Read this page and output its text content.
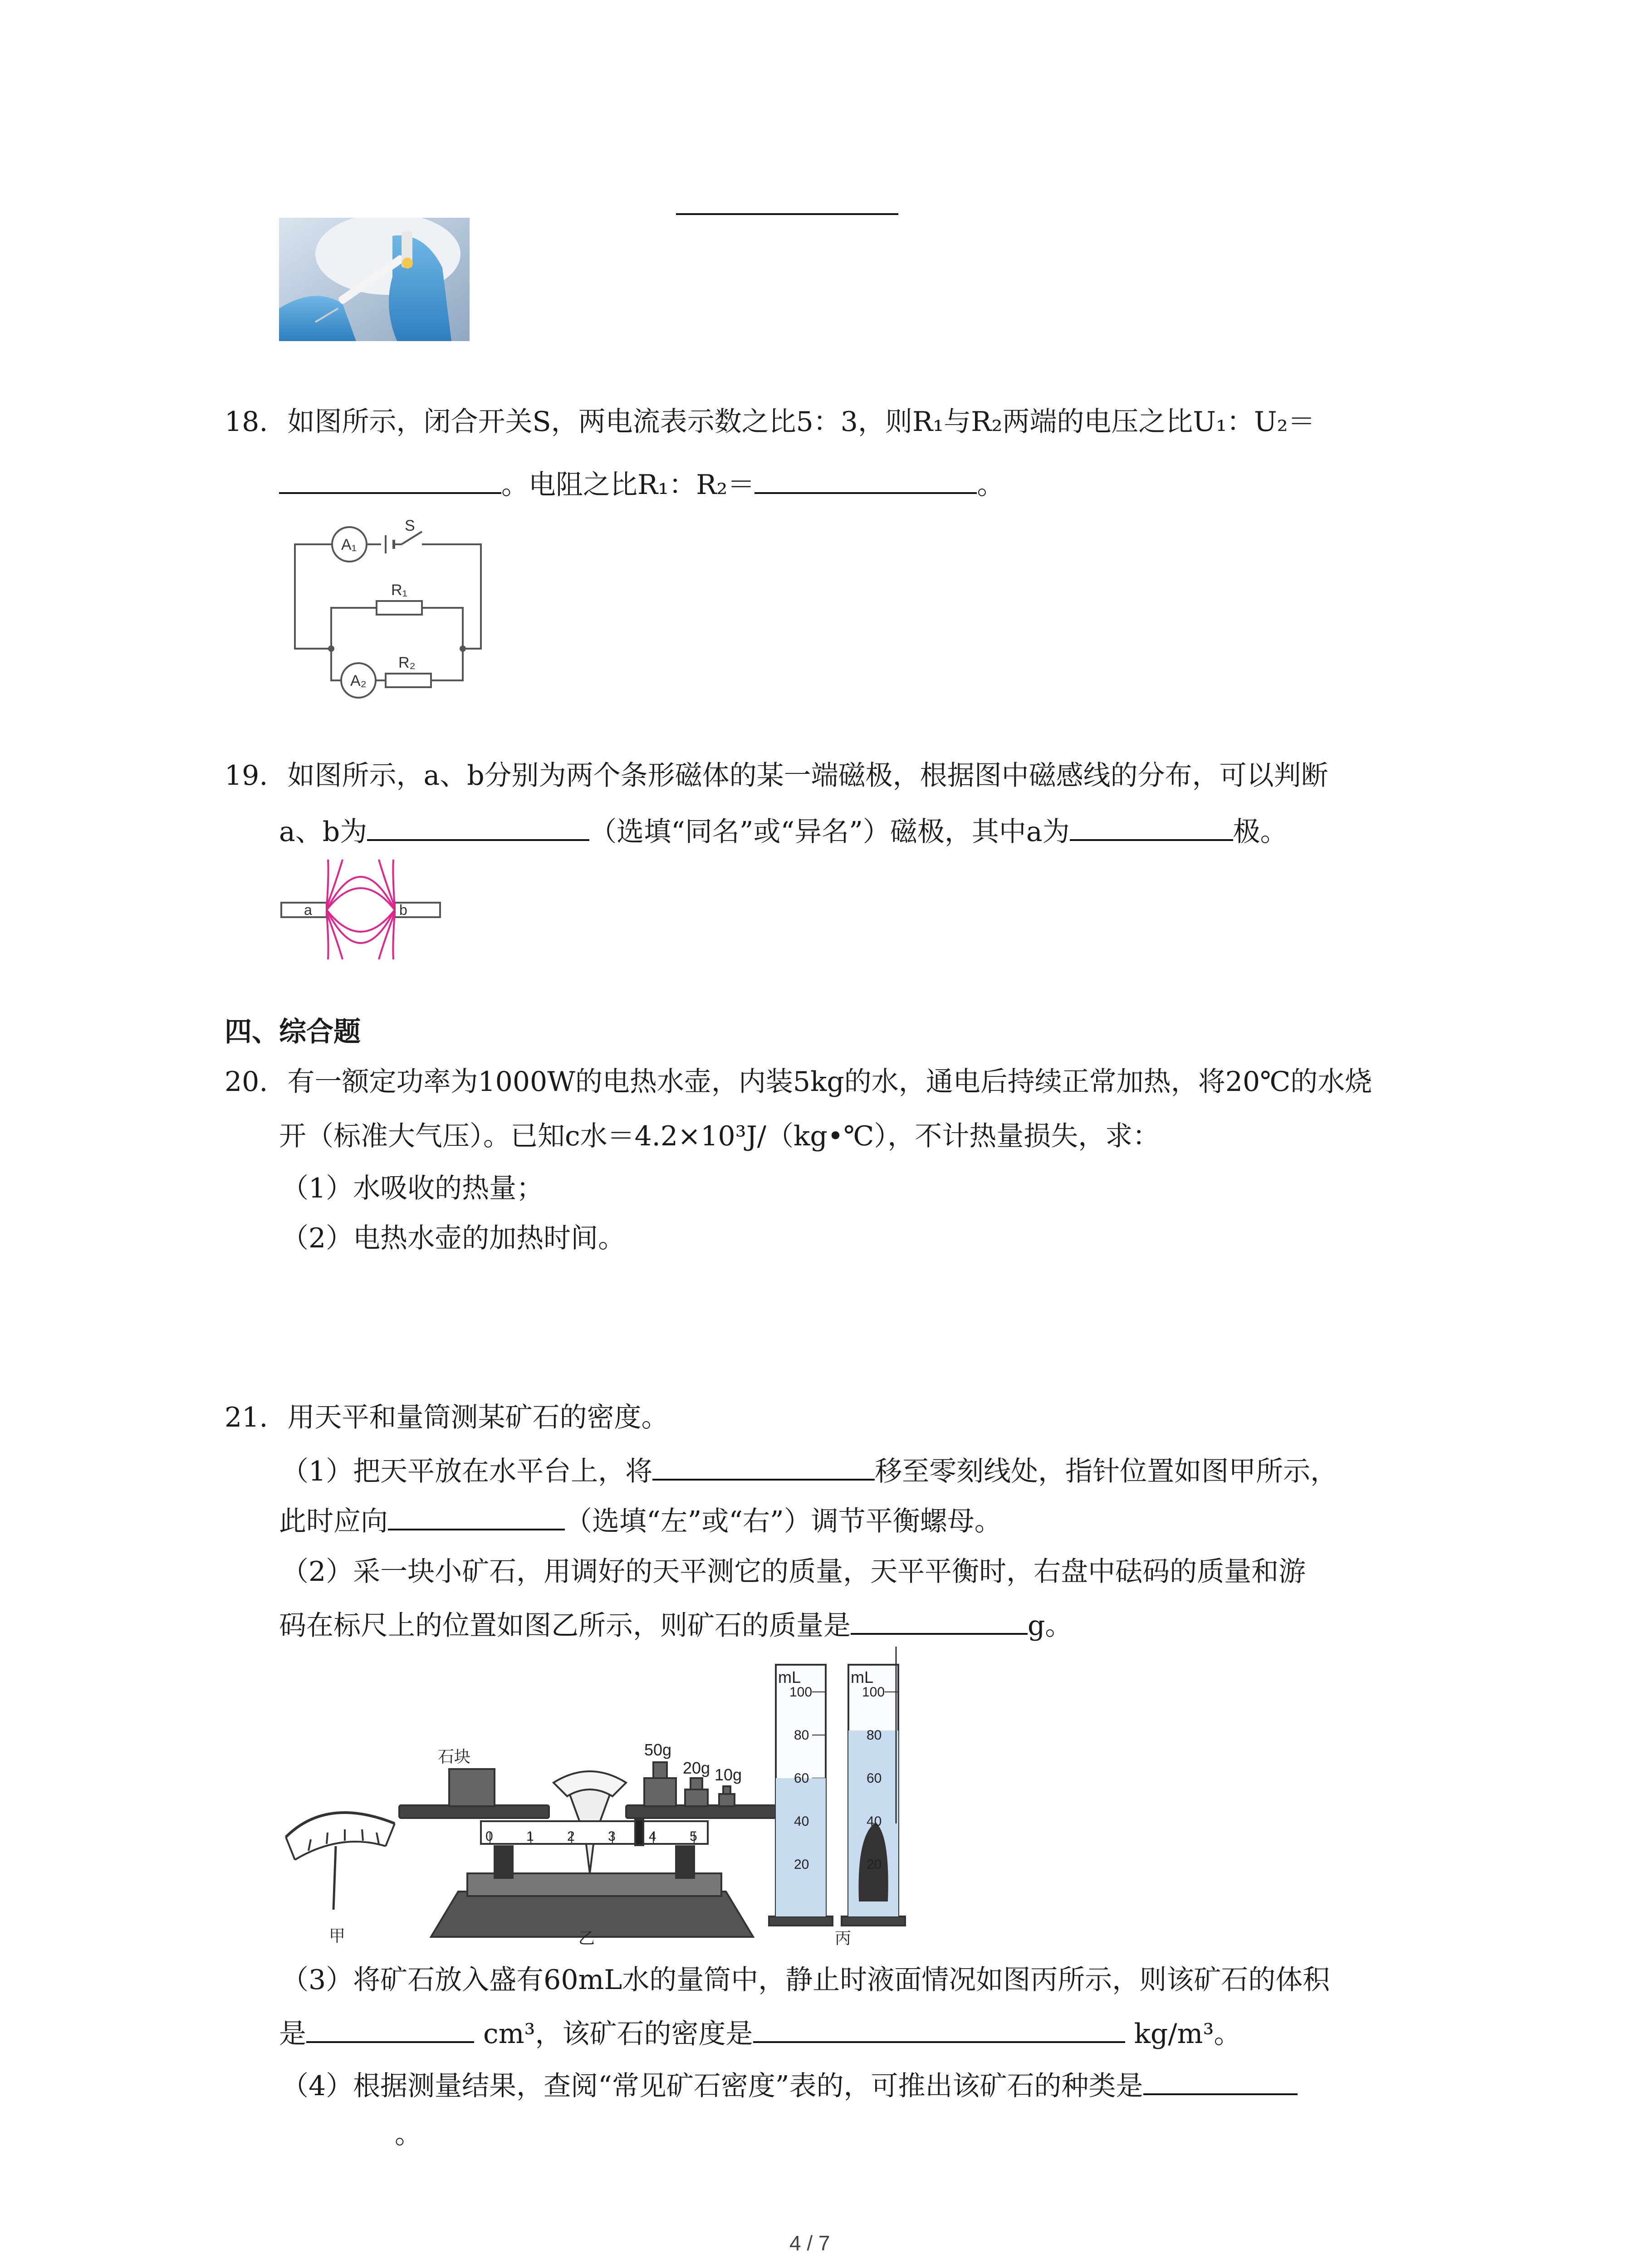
18. 如图所示，闭合开关S，两电流表示数之比5：3，则R₁与R₂两端的电压之比U₁：U₂＝
。电阻之比R₁：R₂＝	。
A₁
S
R₁
A₂
R₂
19. 如图所示，a、b分别为两个条形磁体的某一端磁极，根据图中磁感线的分布，可以判断
a、b为	（选填“同名”或“异名”）磁极，其中a为	极。
a	b
四、综合题
20. 有一额定功率为1000W的电热水壶，内装5kg的水，通电后持续正常加热，将20℃的水烧
开（标准大气压）。已知c水＝4.2×10³J/（kg•℃），不计热量损失，求：
（1）水吸收的热量；
（2）电热水壶的加热时间。
21. 用天平和量筒测某矿石的密度。
（1）把天平放在水平台上，将	移至零刻线处，指针位置如图甲所示，
此时应向	（选填“左”或“右”）调节平衡螺母。
（2）采一块小矿石，用调好的天平测它的质量，天平平衡时，右盘中砝码的质量和游
码在标尺上的位置如图乙所示，则矿石的质量是	g。
石块	50g
20g 10g
mL	mL
100
80
60
40
20
100
80
60
40
20
0 1 2 3 4 5
甲	乙	丙
（3）将矿石放入盛有60mL水的量筒中，静止时液面情况如图丙所示，则该矿石的体积
是	cm³，该矿石的密度是	kg/m³。
（4）根据测量结果，查阅“常见矿石密度”表的，可推出该矿石的种类是
。
4 / 7
